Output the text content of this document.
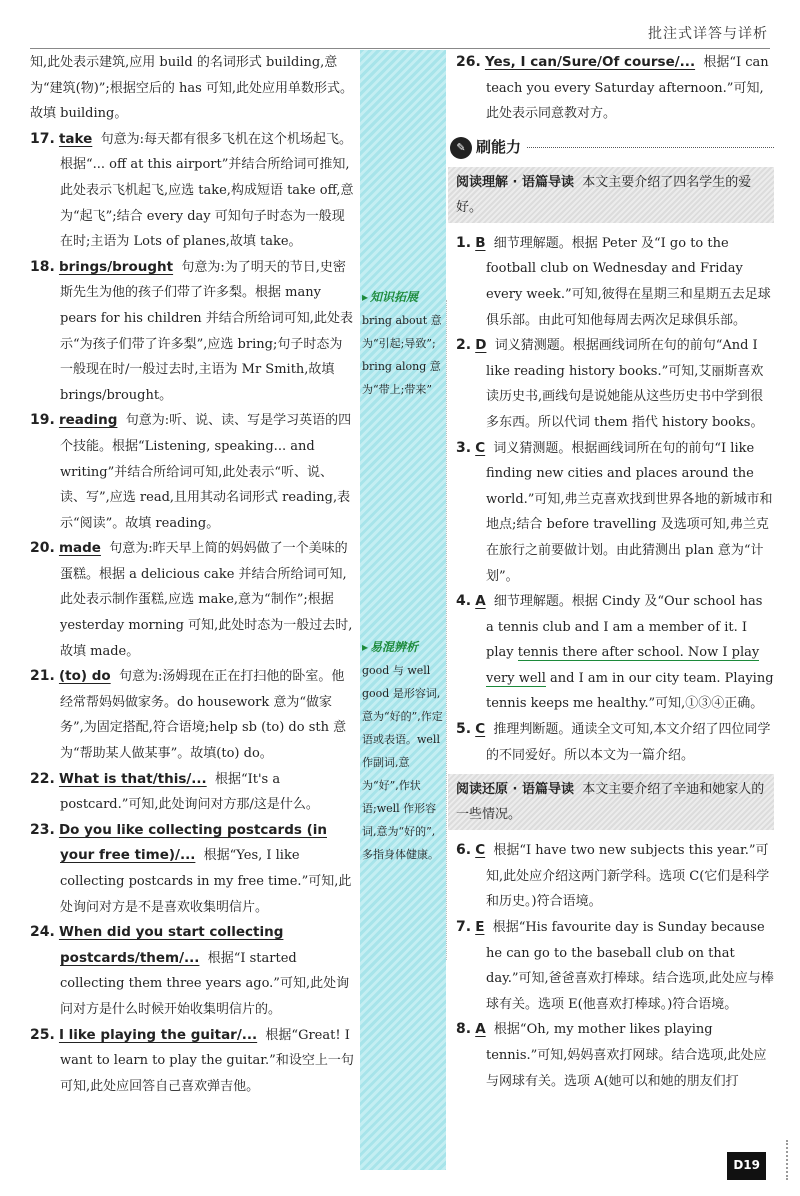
批注式详答与详析

知,此处表示建筑,应用 build 的名词形式 building,意为“建筑(物)”;根据空后的 has 可知,此处应用单数形式。故填 building。

17. take 句意为:每天都有很多飞机在这个机场起飞。根据“... off at this airport”并结合所给词可推知,此处表示飞机起飞,应选 take,构成短语 take off,意为“起飞”;结合 every day 可知句子时态为一般现在时;主语为 Lots of planes,故填 take。

18. brings/brought 句意为:为了明天的节日,史密斯先生为他的孩子们带了许多梨。根据 many pears for his children 并结合所给词可知,此处表示“为孩子们带了许多梨”,应选 bring;句子时态为一般现在时/一般过去时,主语为 Mr Smith,故填 brings/brought。

19. reading 句意为:听、说、读、写是学习英语的四个技能。根据“Listening, speaking... and writing”并结合所给词可知,此处表示“听、说、读、写”,应选 read,且用其动名词形式 reading,表示“阅读”。故填 reading。

20. made 句意为:昨天早上简的妈妈做了一个美味的蛋糕。根据 a delicious cake 并结合所给词可知,此处表示制作蛋糕,应选 make,意为“制作”;根据 yesterday morning 可知,此处时态为一般过去时,故填 made。

21. (to) do 句意为:汤姆现在正在打扫他的卧室。他经常帮妈妈做家务。do housework 意为“做家务”,为固定搭配,符合语境;help sb (to) do sth 意为“帮助某人做某事”。故填(to) do。

22. What is that/this/... 根据“It's a postcard.”可知,此处询问对方那/这是什么。

23. Do you like collecting postcards (in your free time)/... 根据“Yes, I like collecting postcards in my free time.”可知,此处询问对方是不是喜欢收集明信片。

24. When did you start collecting postcards/them/... 根据“I started collecting them three years ago.”可知,此处询问对方是什么时候开始收集明信片的。

25. I like playing the guitar/... 根据“Great! I want to learn to play the guitar.”和设空上一句可知,此处应回答自己喜欢弹吉他。

▸ 知识拓展
bring about 意为“引起;导致”; bring along 意为“带上;带来”
▸ 易混辨析
good 与 well good 是形容词,意为“好的”,作定语或表语。well 作副词,意为“好”,作状语;well 作形容词,意为“好的”,多指身体健康。

26. Yes, I can/Sure/Of course/... 根据“I can teach you every Saturday afternoon.”可知,此处表示同意教对方。

✎ 刷能力
阅读理解 · 语篇导读 本文主要介绍了四名学生的爱好。

1. B 细节理解题。根据 Peter 及“I go to the football club on Wednesday and Friday every week.”可知,彼得在星期三和星期五去足球俱乐部。由此可知他每周去两次足球俱乐部。

2. D 词义猜测题。根据画线词所在句的前句“And I like reading history books.”可知,艾丽斯喜欢读历史书,画线句是说她能从这些历史书中学到很多东西。所以代词 them 指代 history books。

3. C 词义猜测题。根据画线词所在句的前句“I like finding new cities and places around the world.”可知,弗兰克喜欢找到世界各地的新城市和地点;结合 before travelling 及选项可知,弗兰克在旅行之前要做计划。由此猜测出 plan 意为“计划”。

4. A 细节理解题。根据 Cindy 及“Our school has a tennis club and I am a member of it. I play tennis there after school. Now I play very well and I am in our city team. Playing tennis keeps me healthy.”可知,①③④正确。

5. C 推理判断题。通读全文可知,本文介绍了四位同学的不同爱好。所以本文为一篇介绍。

阅读还原 · 语篇导读 本文主要介绍了辛迪和她家人的一些情况。

6. C 根据“I have two new subjects this year.”可知,此处应介绍这两门新学科。选项 C(它们是科学和历史。)符合语境。

7. E 根据“His favourite day is Sunday because he can go to the baseball club on that day.”可知,爸爸喜欢打棒球。结合选项,此处应与棒球有关。选项 E(他喜欢打棒球。)符合语境。

8. A 根据“Oh, my mother likes playing tennis.”可知,妈妈喜欢打网球。结合选项,此处应与网球有关。选项 A(她可以和她的朋友们打

D19
